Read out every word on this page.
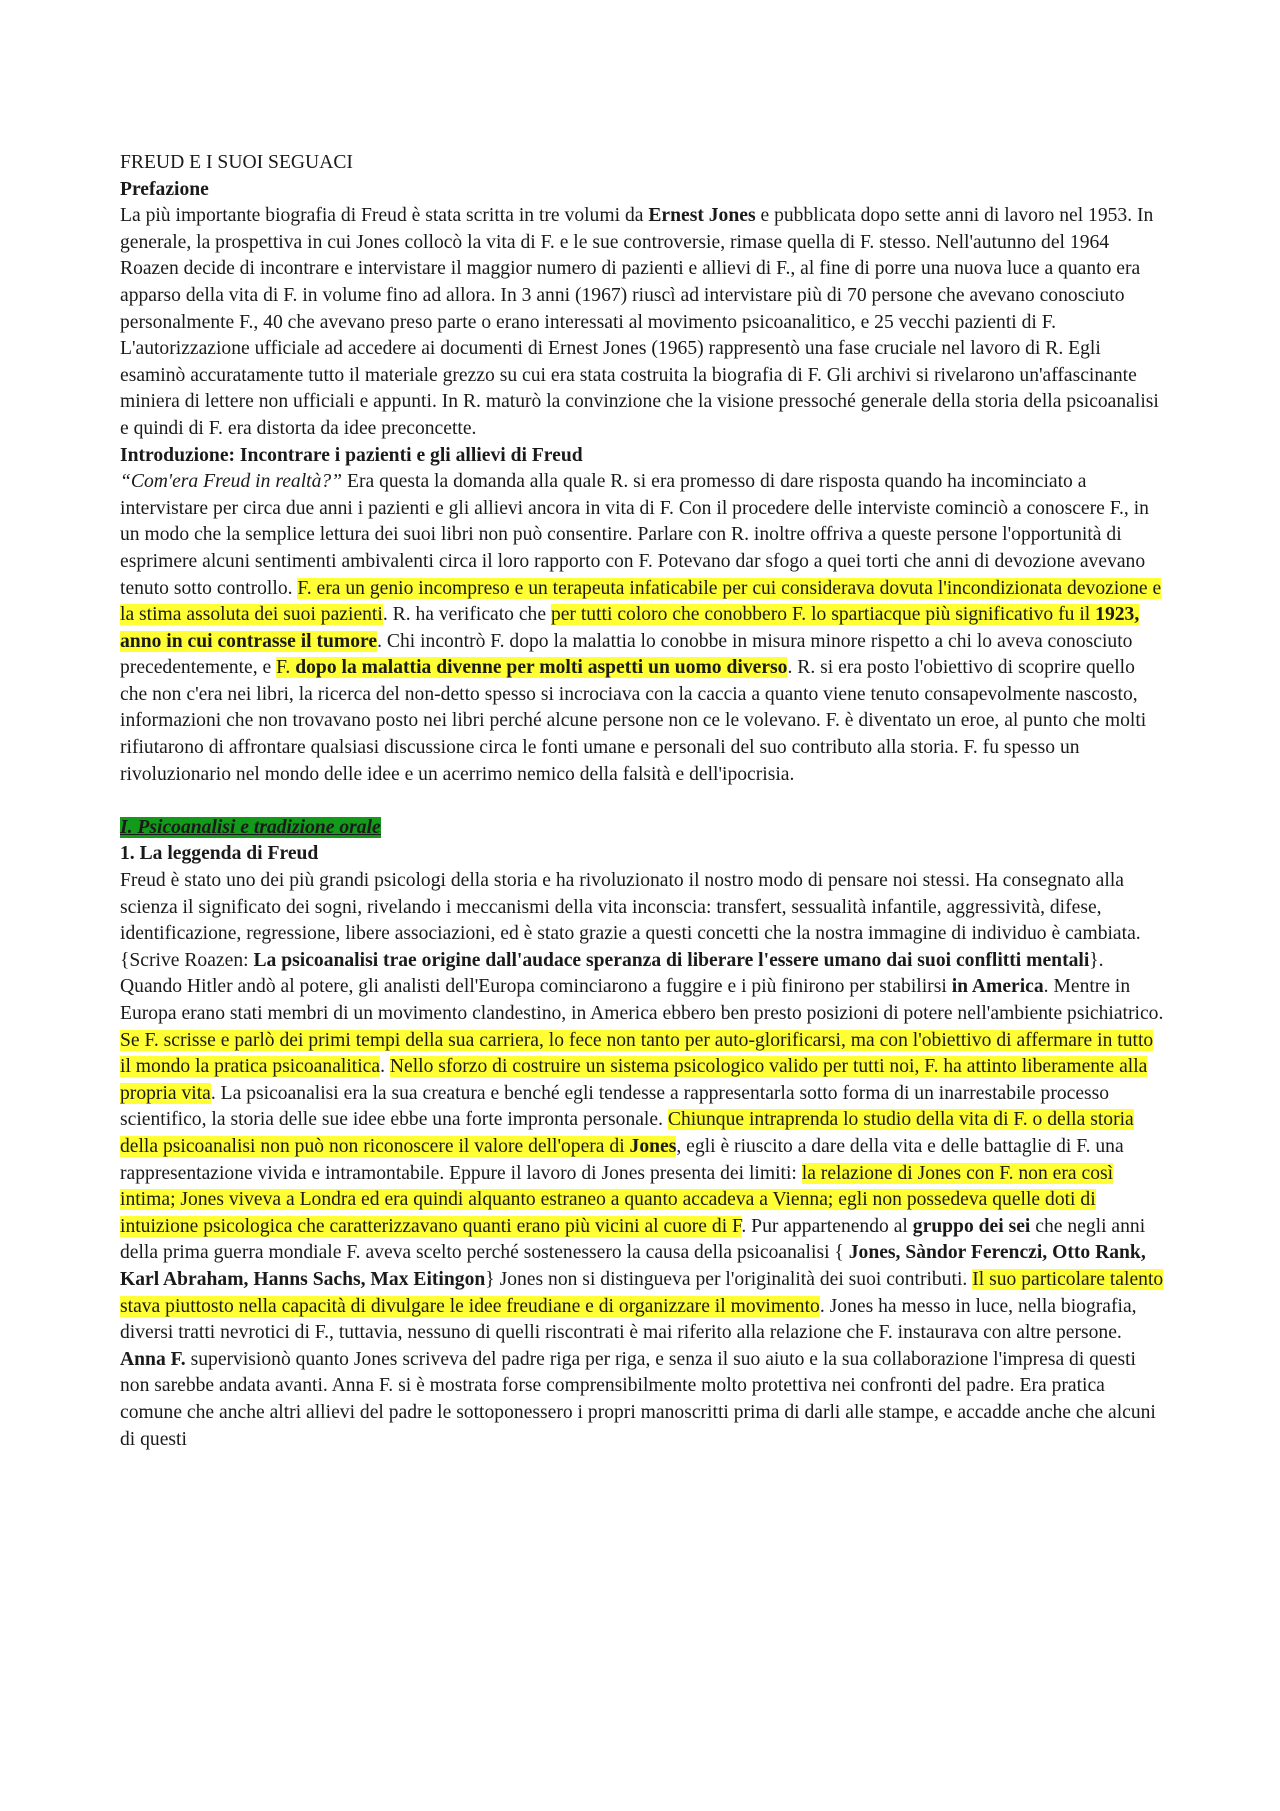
FREUD E I SUOI SEGUACI

Prefazione

La più importante biografia di Freud è stata scritta in tre volumi da Ernest Jones e pubblicata dopo sette anni di lavoro nel 1953. In generale, la prospettiva in cui Jones collocò la vita di F. e le sue controversie, rimase quella di F. stesso. Nell'autunno del 1964 Roazen decide di incontrare e intervistare il maggior numero di pazienti e allievi di F., al fine di porre una nuova luce a quanto era apparso della vita di F. in volume fino ad allora. In 3 anni (1967) riuscì ad intervistare più di 70 persone che avevano conosciuto personalmente F., 40 che avevano preso parte o erano interessati al movimento psicoanalitico, e 25 vecchi pazienti di F. L'autorizzazione ufficiale ad accedere ai documenti di Ernest Jones (1965) rappresentò una fase cruciale nel lavoro di R. Egli esaminò accuratamente tutto il materiale grezzo su cui era stata costruita la biografia di F. Gli archivi si rivelarono un'affascinante miniera di lettere non ufficiali e appunti. In R. maturò la convinzione che la visione pressoché generale della storia della psicoanalisi e quindi di F. era distorta da idee preconcette.

Introduzione: Incontrare i pazienti e gli allievi di Freud

“Com'era Freud in realtà?” Era questa la domanda alla quale R. si era promesso di dare risposta quando ha incominciato a intervistare per circa due anni i pazienti e gli allievi ancora in vita di F. Con il procedere delle interviste cominciò a conoscere F., in un modo che la semplice lettura dei suoi libri non può consentire. Parlare con R. inoltre offriva a queste persone l'opportunità di esprimere alcuni sentimenti ambivalenti circa il loro rapporto con F. Potevano dar sfogo a quei torti che anni di devozione avevano tenuto sotto controllo. F. era un genio incompreso e un terapeuta infaticabile per cui considerava dovuta l'incondizionata devozione e la stima assoluta dei suoi pazienti. R. ha verificato che per tutti coloro che conobbero F. lo spartiacque più significativo fu il 1923, anno in cui contrasse il tumore. Chi incontrò F. dopo la malattia lo conobbe in misura minore rispetto a chi lo aveva conosciuto precedentemente, e F. dopo la malattia divenne per molti aspetti un uomo diverso. R. si era posto l'obiettivo di scoprire quello che non c'era nei libri, la ricerca del non-detto spesso si incrociava con la caccia a quanto viene tenuto consapevolmente nascosto, informazioni che non trovavano posto nei libri perché alcune persone non ce le volevano. F. è diventato un eroe, al punto che molti rifiutarono di affrontare qualsiasi discussione circa le fonti umane e personali del suo contributo alla storia. F. fu spesso un rivoluzionario nel mondo delle idee e un acerrimo nemico della falsità e dell'ipocrisia.

I. Psicoanalisi e tradizione orale

1. La leggenda di Freud

Freud è stato uno dei più grandi psicologi della storia e ha rivoluzionato il nostro modo di pensare noi stessi. Ha consegnato alla scienza il significato dei sogni, rivelando i meccanismi della vita inconscia: transfert, sessualità infantile, aggressività, difese, identificazione, regressione, libere associazioni, ed è stato grazie a questi concetti che la nostra immagine di individuo è cambiata. {Scrive Roazen: La psicoanalisi trae origine dall'audace speranza di liberare l'essere umano dai suoi conflitti mentali}. Quando Hitler andò al potere, gli analisti dell'Europa cominciarono a fuggire e i più finirono per stabilirsi in America. Mentre in Europa erano stati membri di un movimento clandestino, in America ebbero ben presto posizioni di potere nell'ambiente psichiatrico. Se F. scrisse e parlò dei primi tempi della sua carriera, lo fece non tanto per auto-glorificarsi, ma con l'obiettivo di affermare in tutto il mondo la pratica psicoanalitica. Nello sforzo di costruire un sistema psicologico valido per tutti noi, F. ha attinto liberamente alla propria vita. La psicoanalisi era la sua creatura e benché egli tendesse a rappresentarla sotto forma di un inarrestabile processo scientifico, la storia delle sue idee ebbe una forte impronta personale. Chiunque intraprenda lo studio della vita di F. o della storia della psicoanalisi non può non riconoscere il valore dell'opera di Jones, egli è riuscito a dare della vita e delle battaglie di F. una rappresentazione vivida e intramontabile. Eppure il lavoro di Jones presenta dei limiti: la relazione di Jones con F. non era così intima; Jones viveva a Londra ed era quindi alquanto estraneo a quanto accadeva a Vienna; egli non possedeva quelle doti di intuizione psicologica che caratterizzavano quanti erano più vicini al cuore di F. Pur appartenendo al gruppo dei sei che negli anni della prima guerra mondiale F. aveva scelto perché sostenessero la causa della psicoanalisi { Jones, Sàndor Ferenczi, Otto Rank, Karl Abraham, Hanns Sachs, Max Eitingon} Jones non si distingueva per l'originalità dei suoi contributi. Il suo particolare talento stava piuttosto nella capacità di divulgare le idee freudiane e di organizzare il movimento. Jones ha messo in luce, nella biografia, diversi tratti nevrotici di F., tuttavia, nessuno di quelli riscontrati è mai riferito alla relazione che F. instaurava con altre persone. Anna F. supervisionò quanto Jones scriveva del padre riga per riga, e senza il suo aiuto e la sua collaborazione l'impresa di questi non sarebbe andata avanti. Anna F. si è mostrata forse comprensibilmente molto protettiva nei confronti del padre. Era pratica comune che anche altri allievi del padre le sottoponessero i propri manoscritti prima di darli alle stampe, e accadde anche che alcuni di questi
